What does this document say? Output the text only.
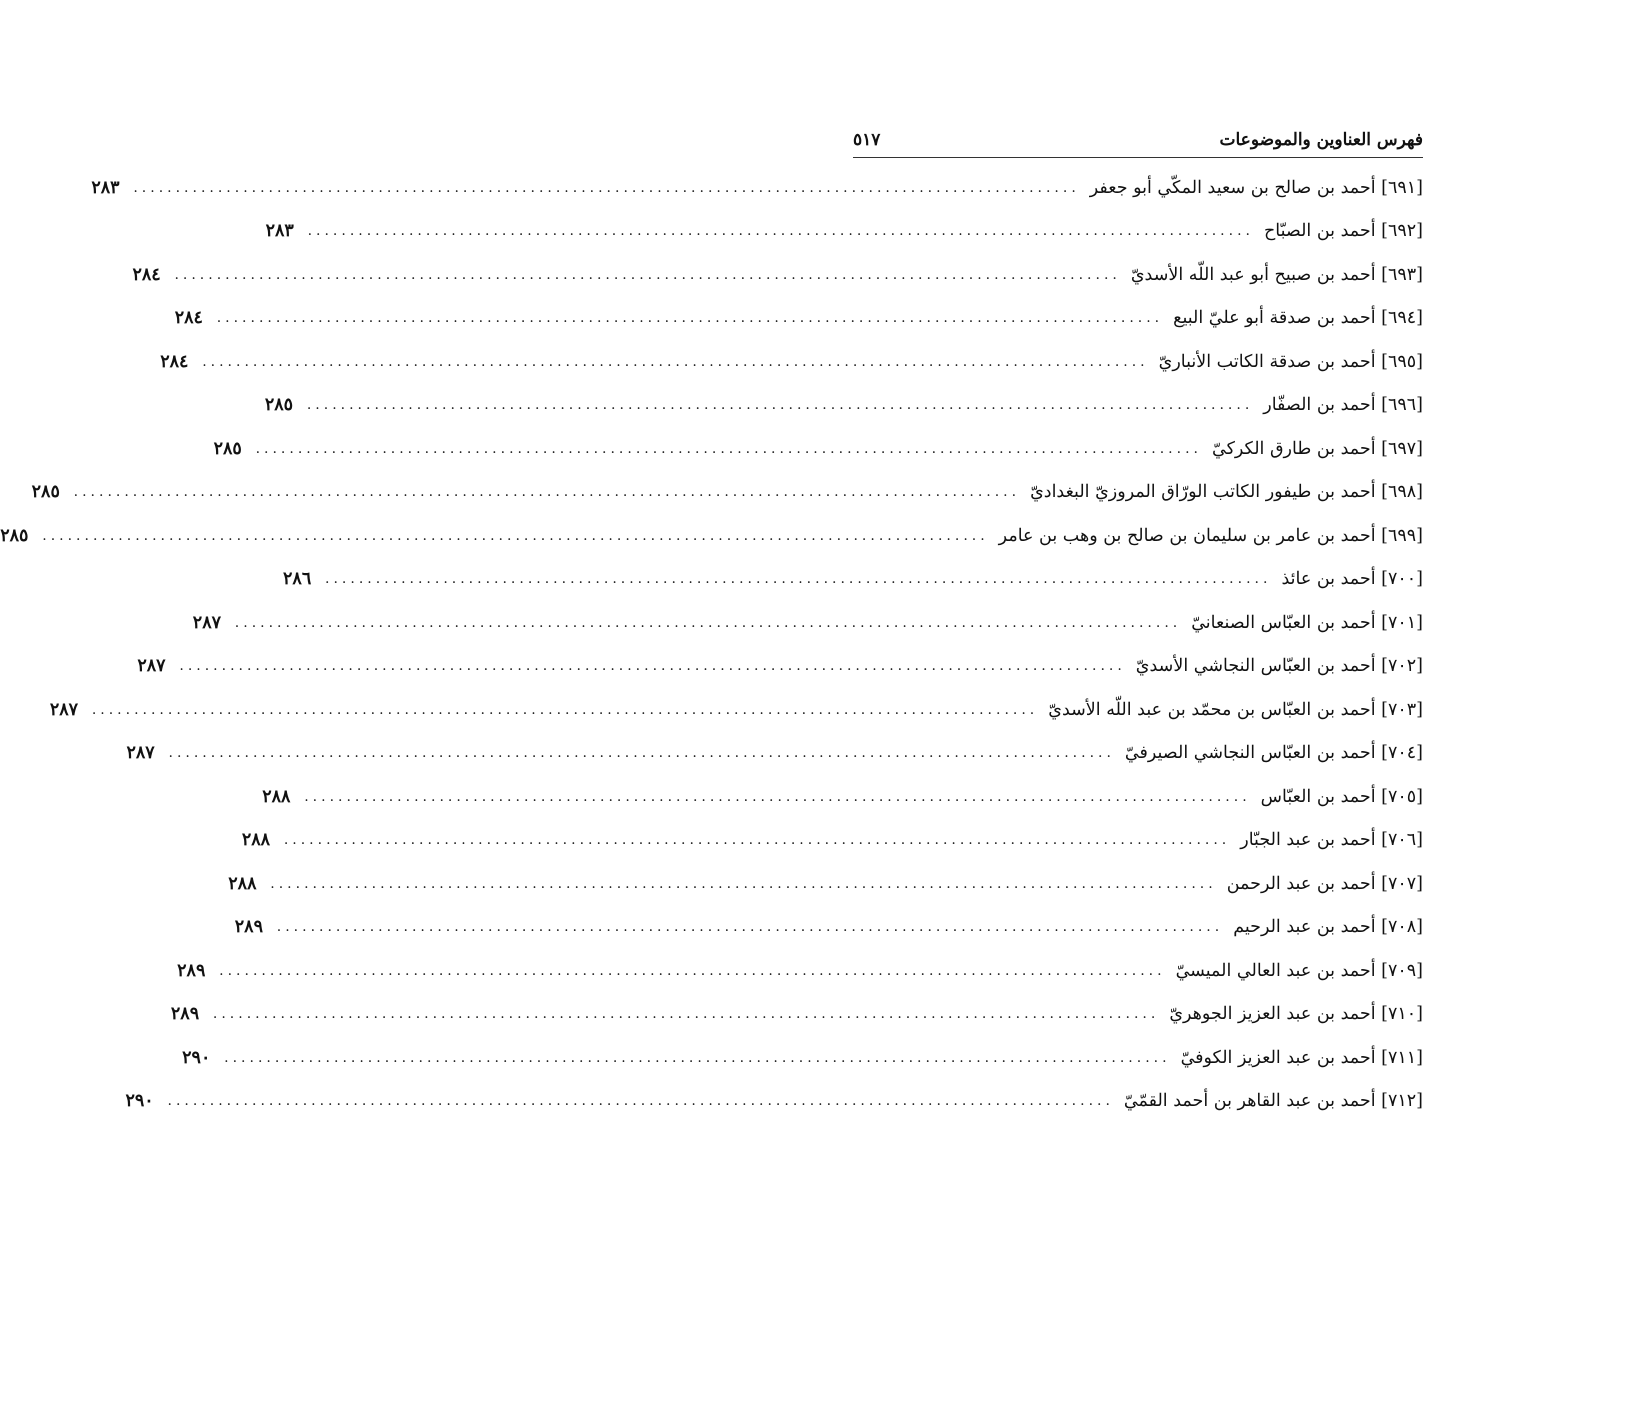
فهرس العناوين والموضوعات
٥١٧
[٦٩١] أحمد بن صالح بن سعيد المكّي أبو جعفر
................................................................................................................
٢٨٣
[٦٩٢] أحمد بن الصبّاح
................................................................................................................
٢٨٣
[٦٩٣] أحمد بن صبيح أبو عبد اللّه الأسديّ
................................................................................................................
٢٨٤
[٦٩٤] أحمد بن صدقة أبو عليّ البيع
................................................................................................................
٢٨٤
[٦٩٥] أحمد بن صدقة الكاتب الأنباريّ
................................................................................................................
٢٨٤
[٦٩٦] أحمد بن الصفّار
................................................................................................................
٢٨٥
[٦٩٧] أحمد بن طارق الكركيّ
................................................................................................................
٢٨٥
[٦٩٨] أحمد بن طيفور الكاتب الورّاق المروزيّ البغداديّ
................................................................................................................
٢٨٥
[٦٩٩] أحمد بن عامر بن سليمان بن صالح بن وهب بن عامر
................................................................................................................
٢٨٥
[٧٠٠] أحمد بن عائذ
................................................................................................................
٢٨٦
[٧٠١] أحمد بن العبّاس الصنعانيّ
................................................................................................................
٢٨٧
[٧٠٢] أحمد بن العبّاس النجاشي الأسديّ
................................................................................................................
٢٨٧
[٧٠٣] أحمد بن العبّاس بن محمّد بن عبد اللّه الأسديّ
................................................................................................................
٢٨٧
[٧٠٤] أحمد بن العبّاس النجاشي الصيرفيّ
................................................................................................................
٢٨٧
[٧٠٥] أحمد بن العبّاس
................................................................................................................
٢٨٨
[٧٠٦] أحمد بن عبد الجبّار
................................................................................................................
٢٨٨
[٧٠٧] أحمد بن عبد الرحمن
................................................................................................................
٢٨٨
[٧٠٨] أحمد بن عبد الرحيم
................................................................................................................
٢٨٩
[٧٠٩] أحمد بن عبد العالي الميسيّ
................................................................................................................
٢٨٩
[٧١٠] أحمد بن عبد العزيز الجوهريّ
................................................................................................................
٢٨٩
[٧١١] أحمد بن عبد العزيز الكوفيّ
................................................................................................................
٢٩٠
[٧١٢] أحمد بن عبد القاهر بن أحمد القمّيّ
................................................................................................................
٢٩٠
